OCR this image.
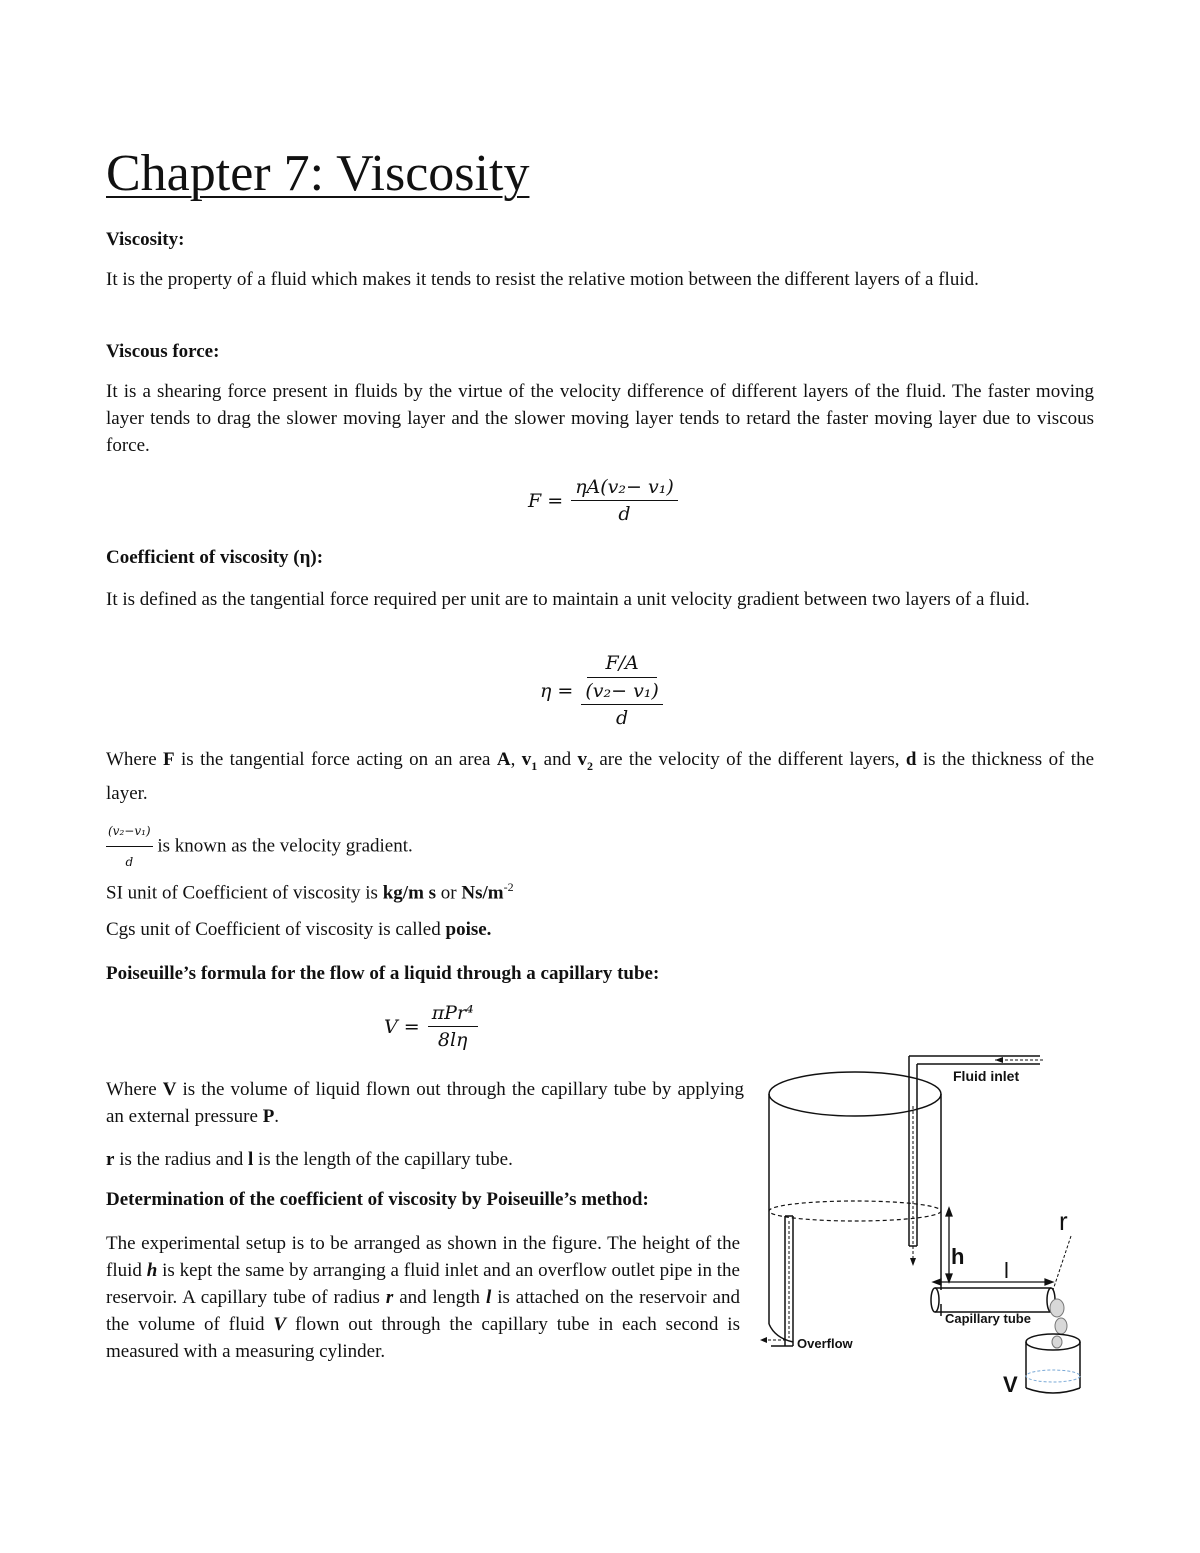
Chapter 7: Viscosity

Viscosity:

It is the property of a fluid which makes it tends to resist the relative motion between the different layers of a fluid.

Viscous force:

It is a shearing force present in fluids by the virtue of the velocity difference of different layers of the fluid. The faster moving layer tends to drag the slower moving layer and the slower moving layer tends to retard the faster moving layer due to viscous force.

$F = \frac{\text{ηA(v₂− v₁)}}{d}$

Coefficient of viscosity (η):

It is defined as the tangential force required per unit are to maintain a unit velocity gradient between two layers of a fluid.

$\eta = \frac{F/A}{\frac{\text{(v₂− v₁)}}{d}}$

Where F is the tangential force acting on an area A, $v_1$ and $v_2$ are the velocity of the different layers, d is the thickness of the layer.

$\frac{\text{(v₂−v₁)}}{d}$ is known as the velocity gradient.

SI unit of Coefficient of viscosity is kg/m s or $Ns/m^{-2}$

Cgs unit of Coefficient of viscosity is called poise.

Poiseuille’s formula for the flow of a liquid through a capillary tube:

$V = \frac{\text{πPr⁴}}{8l\eta}$

Where V is the volume of liquid flown out through the capillary tube by applying an external pressure P.

r is the radius and l is the length of the capillary tube.

Determination of the coefficient of viscosity by Poiseuille’s method:

The experimental setup is to be arranged as shown in the figure. The height of the fluid h is kept the same by arranging a fluid inlet and an overflow outlet pipe in the reservoir. A capillary tube of radius r and length l is attached on the reservoir and the volume of fluid V flown out through the capillary tube in each second is measured with a measuring cylinder.

Fluid inlet
Overflow
h
l
Capillary tube
r
V
